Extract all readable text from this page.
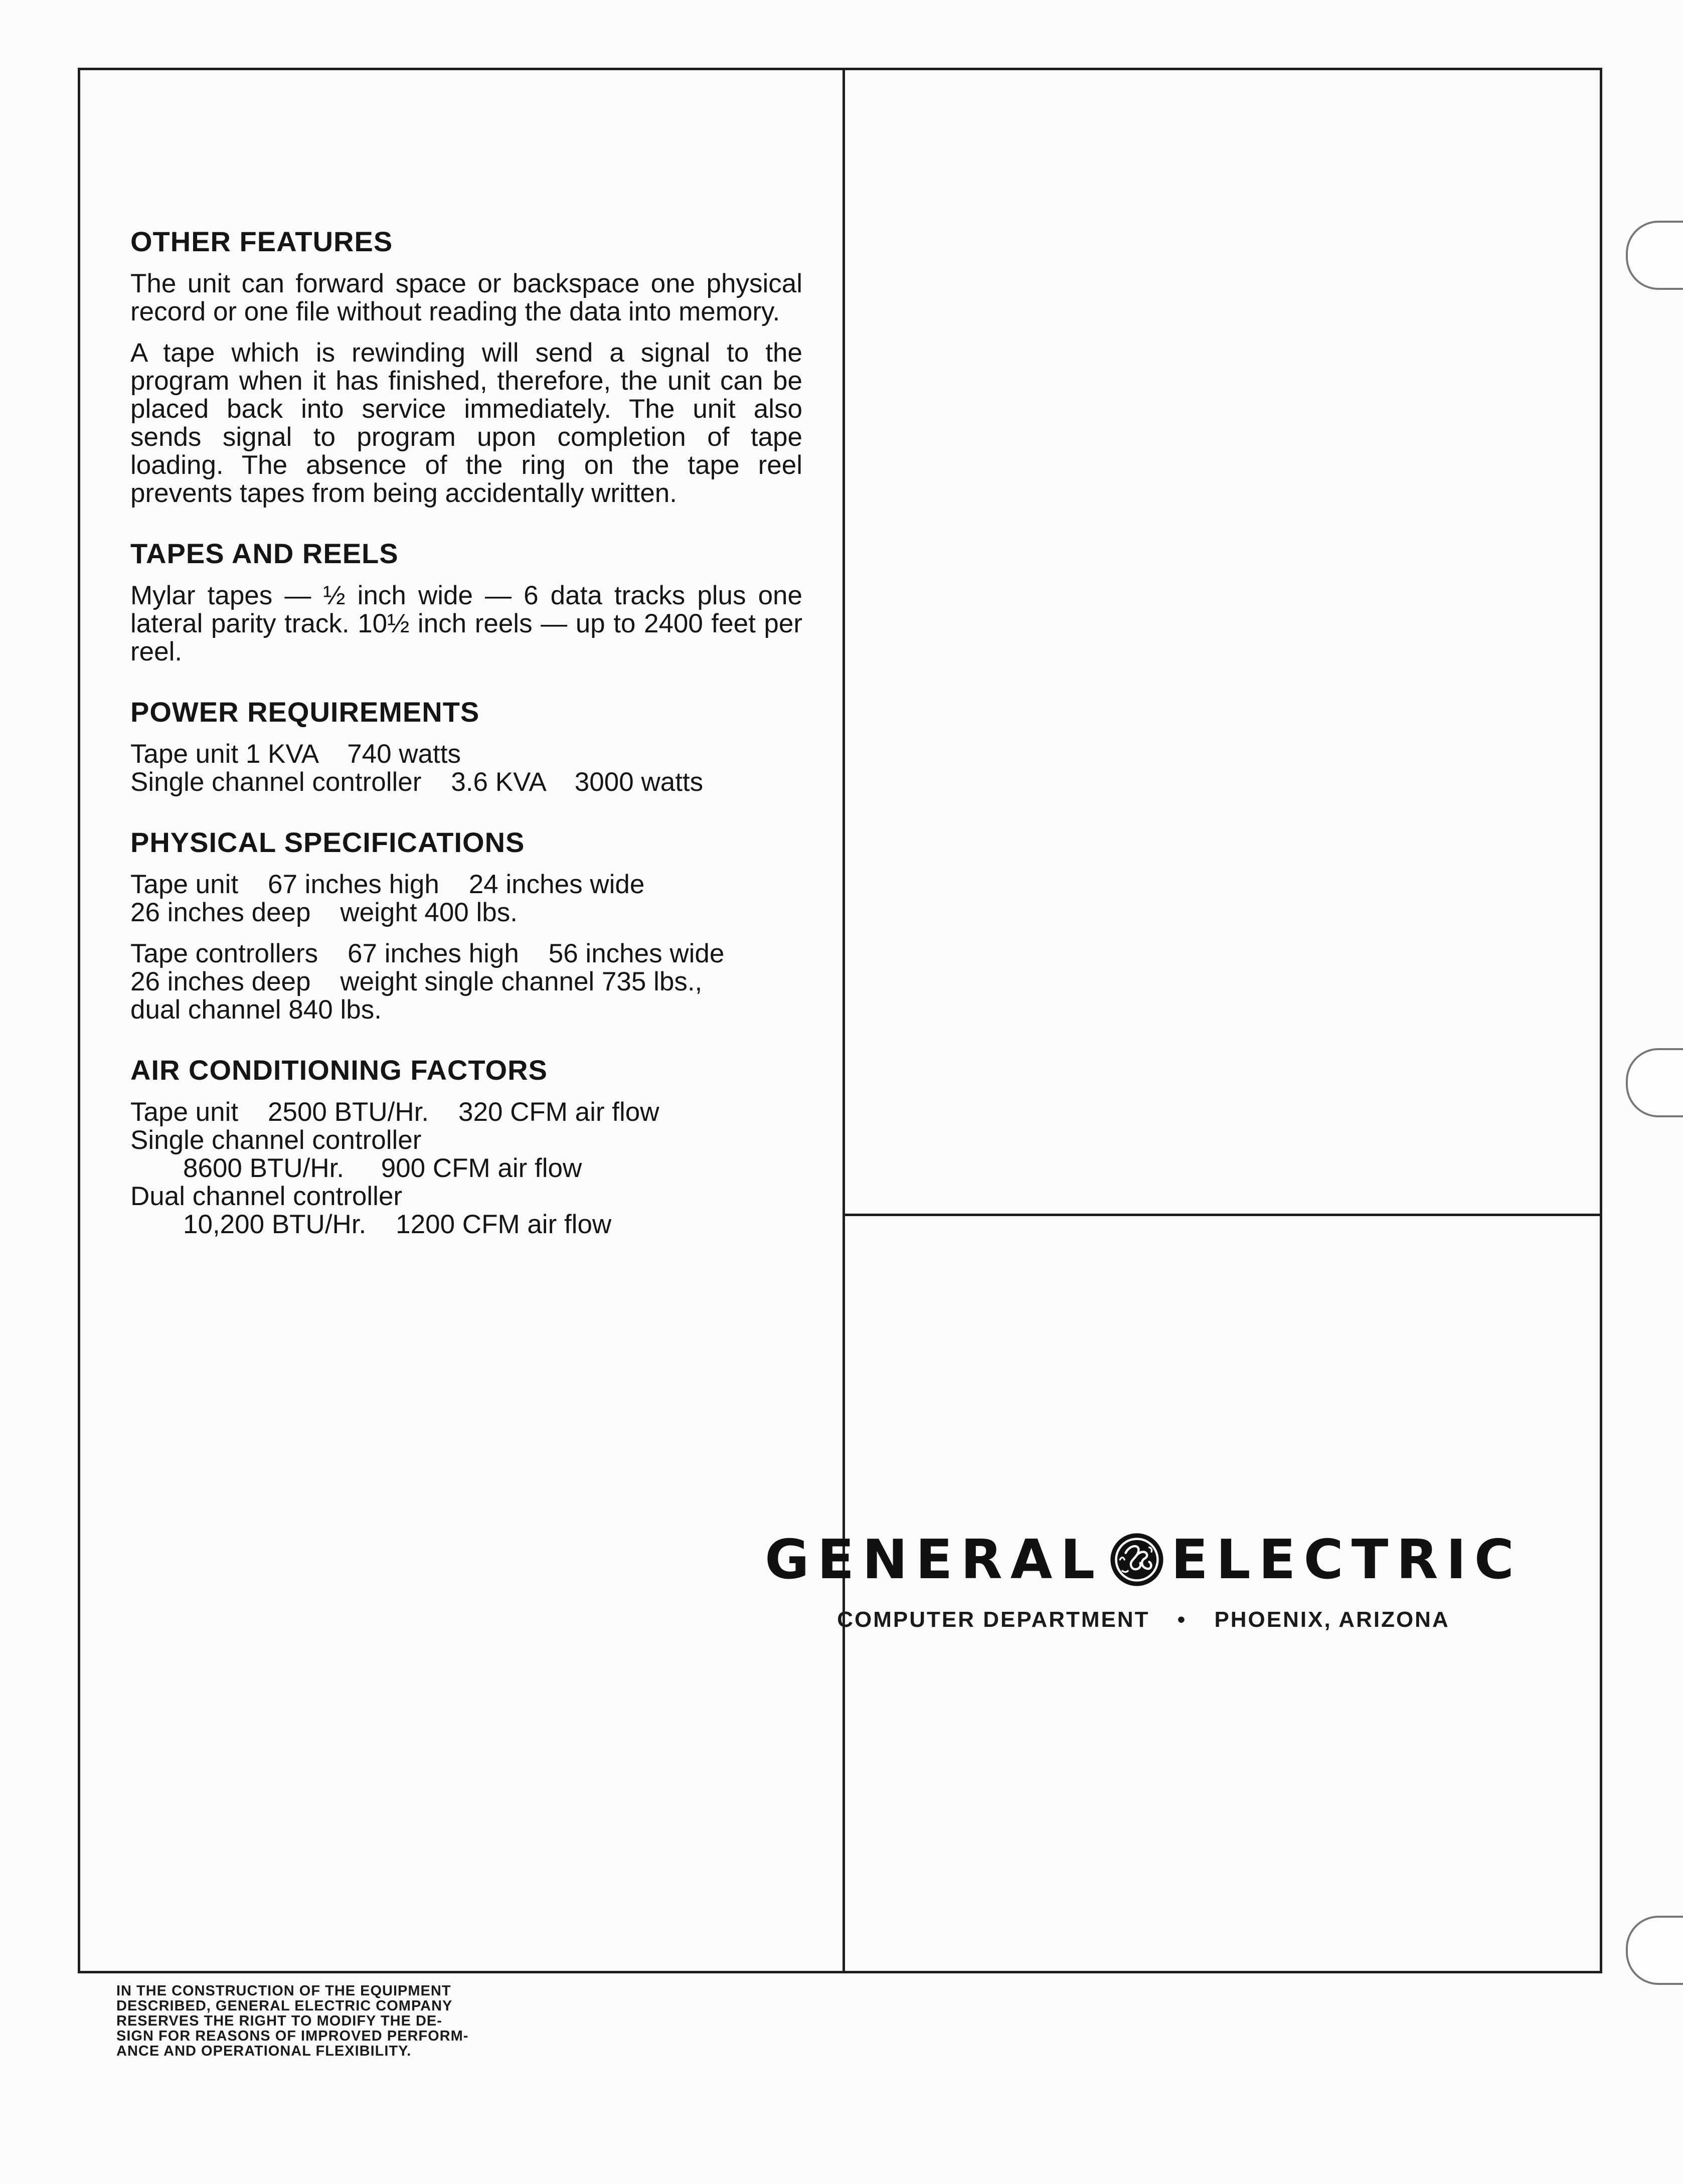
OTHER FEATURES

The unit can forward space or backspace one physical record or one file without reading the data into memory.

A tape which is rewinding will send a signal to the program when it has finished, therefore, the unit can be placed back into service immediately. The unit also sends signal to program upon completion of tape loading. The absence of the ring on the tape reel prevents tapes from being accidentally written.

TAPES AND REELS

Mylar tapes — ½ inch wide — 6 data tracks plus one lateral parity track. 10½ inch reels — up to 2400 feet per reel.

POWER REQUIREMENTS
Tape unit 1 KVA    740 watts
Single channel controller    3.6 KVA    3000 watts
PHYSICAL SPECIFICATIONS
Tape unit    67 inches high    24 inches wide
26 inches deep    weight 400 lbs.
Tape controllers    67 inches high    56 inches wide
26 inches deep    weight single channel 735 lbs.,
dual channel 840 lbs.
AIR CONDITIONING FACTORS
Tape unit    2500 BTU/Hr.    320 CFM air flow
Single channel controller
8600 BTU/Hr.     900 CFM air flow
Dual channel controller
10,200 BTU/Hr.    1200 CFM air flow
GENERAL ELECTRIC
COMPUTER DEPARTMENT • PHOENIX, ARIZONA
IN THE CONSTRUCTION OF THE EQUIPMENT
DESCRIBED, GENERAL ELECTRIC COMPANY
RESERVES THE RIGHT TO MODIFY THE DE-
SIGN FOR REASONS OF IMPROVED PERFORM-
ANCE AND OPERATIONAL FLEXIBILITY.
